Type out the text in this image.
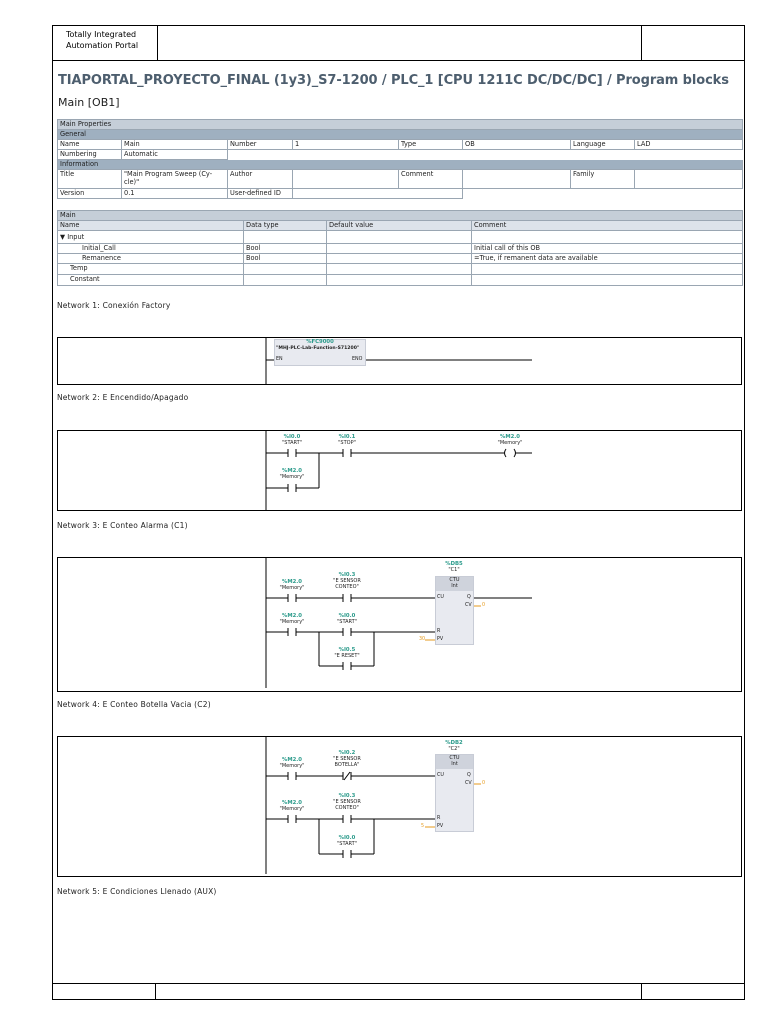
Totally Integrated
Automation Portal
TIAPORTAL_PROYECTO_FINAL (1y3)_S7-1200 / PLC_1 [CPU 1211C DC/DC/DC] / Program blocks
Main [OB1]
Main Properties							
General							
Name	Main	Number	1	Type	OB	Language	LAD
Numbering	Automatic						
Information							
Title	"Main Program Sweep (Cy-cle)"	Author		Comment		Family	
Version	0.1	User-defined ID					
Main			
Name	Data type	Default value	Comment
▼ Input			
Initial_Call	Bool		Initial call of this OB
Remanence	Bool		=True, if remanent data are available
Temp			
Constant			
Network 1: Conexión Factory
Network 2: E Encendido/Apagado
Network 3: E Conteo Alarma (C1)
Network 4: E Conteo Botella Vacia (C2)
Network 5: E Condiciones Llenado (AUX)
%FC9000
"MHJ-PLC-Lab-Function-S71200"
EN	ENO
%I0.0
"START"
%I0.1
"STOP"
%M2.0
"Memory"
%M2.0
"Memory"
%DB5
"C1"
CTU
Int
CU	Q
CV 0
R
PV
30
%M2.0
"Memory"
%I0.3
"E SENSOR CONTEO"
%M2.0
"Memory"
%I0.0
"START"
%I0.5
"E RESET"
%DB2
"C2"
CTU
Int
CU	Q
CV 0
R
PV
5
%M2.0
"Memory"
%I0.2
"E SENSOR BOTELLA"
%M2.0
"Memory"
%I0.3
"E SENSOR CONTEO"
%I0.0
"START"
